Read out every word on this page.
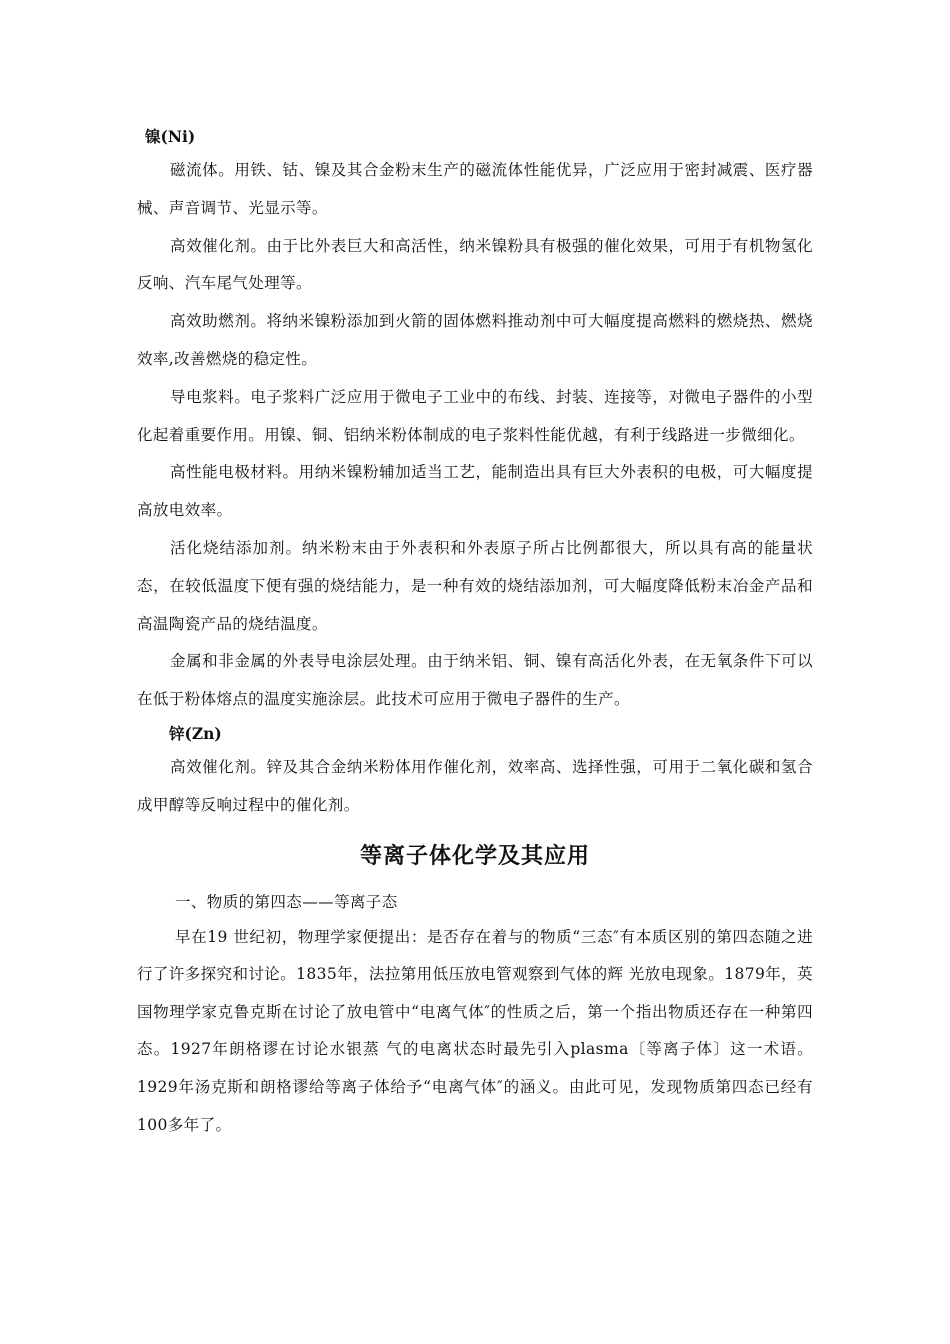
镍(Ni)

磁流体。用铁、钴、镍及其合金粉末生产的磁流体性能优异，广泛应用于密封减震、医疗器械、声音调节、光显示等。

高效催化剂。由于比外表巨大和高活性，纳米镍粉具有极强的催化效果，可用于有机物氢化反响、汽车尾气处理等。

高效助燃剂。将纳米镍粉添加到火箭的固体燃料推动剂中可大幅度提高燃料的燃烧热、燃烧效率,改善燃烧的稳定性。

导电浆料。电子浆料广泛应用于微电子工业中的布线、封装、连接等，对微电子器件的小型化起着重要作用。用镍、铜、铝纳米粉体制成的电子浆料性能优越，有利于线路进一步微细化。

高性能电极材料。用纳米镍粉辅加适当工艺，能制造出具有巨大外表积的电极，可大幅度提高放电效率。

活化烧结添加剂。纳米粉末由于外表积和外表原子所占比例都很大，所以具有高的能量状态，在较低温度下便有强的烧结能力，是一种有效的烧结添加剂，可大幅度降低粉末冶金产品和高温陶瓷产品的烧结温度。

金属和非金属的外表导电涂层处理。由于纳米铝、铜、镍有高活化外表，在无氧条件下可以在低于粉体熔点的温度实施涂层。此技术可应用于微电子器件的生产。

锌(Zn)

高效催化剂。锌及其合金纳米粉体用作催化剂，效率高、选择性强，可用于二氧化碳和氢合成甲醇等反响过程中的催化剂。

等离子体化学及其应用

一、物质的第四态——等离子态

早在19 世纪初，物理学家便提出：是否存在着与的物质“三态″有本质区别的第四态随之进行了许多探究和讨论。1835年，法拉第用低压放电管观察到气体的辉 光放电现象。1879年，英国物理学家克鲁克斯在讨论了放电管中“电离气体″的性质之后，第一个指出物质还存在一种第四态。1927年朗格谬在讨论水银蒸 气的电离状态时最先引入plasma〔等离子体〕这一术语。1929年汤克斯和朗格谬给等离子体给予“电离气体″的涵义。由此可见，发现物质第四态已经有 100多年了。
